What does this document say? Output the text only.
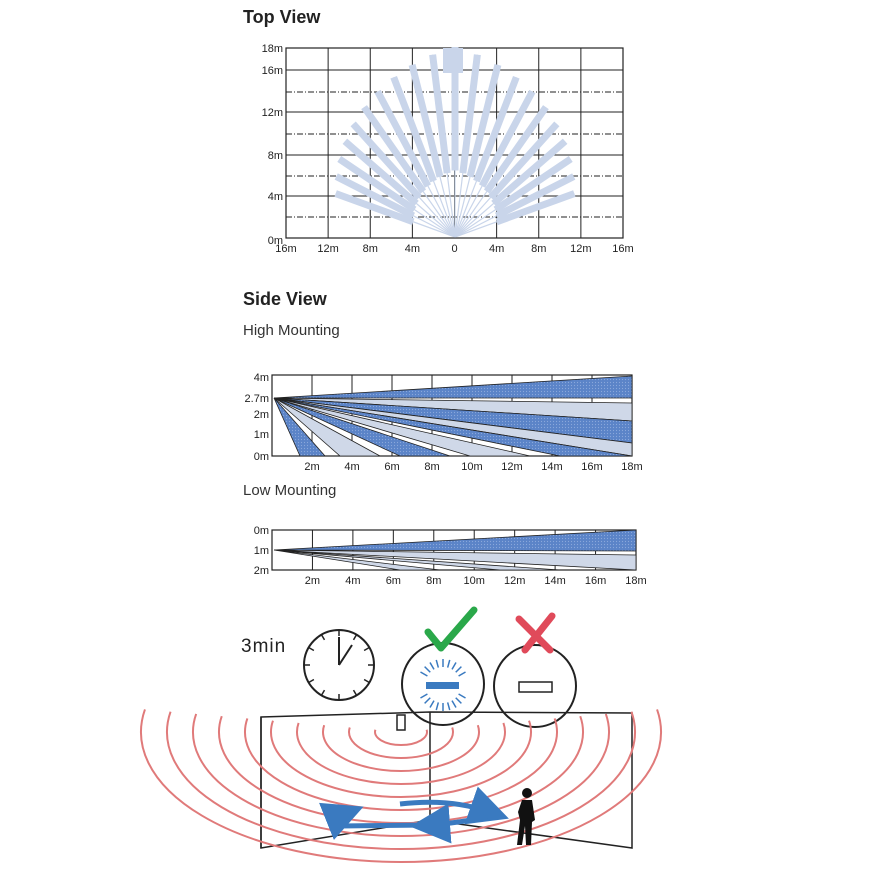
Top View
Side View
High Mounting
Low Mounting
3min
0m
4m
8m
12m
16m
18m
16m 12m 8m 4m	0	4m 8m 12m 16m
0m
1m
2m
2.7m
4m
2m 4m 6m 8m 10m 12m 14m 16m 18m
0m
1m
2m
2m 4m 6m 8m 10m 12m 14m 16m 18m
